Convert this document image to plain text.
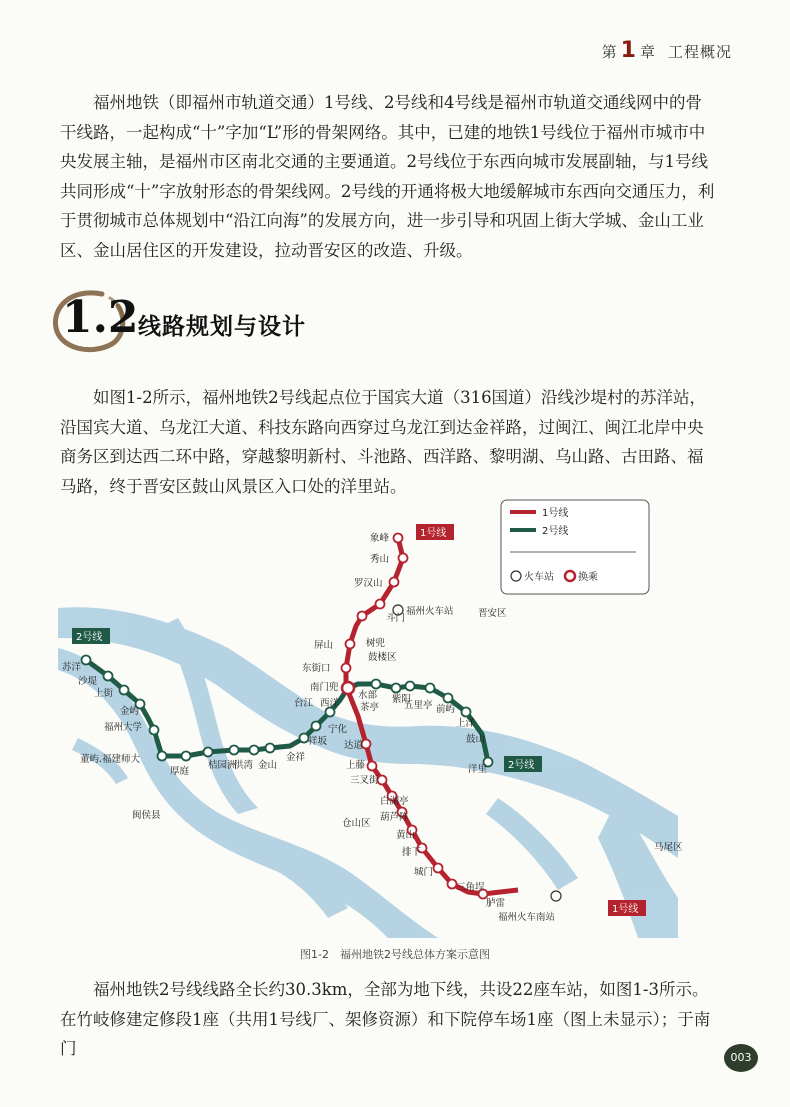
第 1 章 工程概况

福州地铁（即福州市轨道交通）1号线、2号线和4号线是福州市轨道交通线网中的骨干线路，一起构成“十”字加“L”形的骨架网络。其中，已建的地铁1号线位于福州市城市中央发展主轴，是福州市区南北交通的主要通道。2号线位于东西向城市发展副轴，与1号线共同形成“十”字放射形态的骨架线网。2号线的开通将极大地缓解城市东西向交通压力，利于贯彻城市总体规划中“沿江向海”的发展方向，进一步引导和巩固上街大学城、金山工业区、金山居住区的开发建设，拉动晋安区的改造、升级。

1.2 线路规划与设计

如图1-2所示，福州地铁2号线起点位于国宾大道（316国道）沿线沙堤村的苏洋站，沿国宾大道、乌龙江大道、科技东路向西穿过乌龙江到达金祥路，过闽江、闽江北岸中央商务区到达西二环中路，穿越黎明新村、斗池路、西洋路、黎明湖、乌山路、古田路、福马路，终于晋安区鼓山风景区入口处的洋里站。

1号线
1号线
2号线
2号线
1号线
2号线
火车站 换乘
象峰
秀山
罗汉山
斗门
树兜
屏山
东街口
南门兜
达道
上藤
三叉街
白湖亭
葫芦阵
黄山
排下
城门
三角埕
胪雷
苏洋
沙堤
上街
金屿
福州大学
董屿.福建师大
厚庭
桔园洲
洪湾 金山
金祥
祥坂
宁化
西洋
台江
水部
茶亭
紫阳
五里亭 前屿
上洋
鼓山
洋里
福州火车站
福州火车南站
晋安区
鼓楼区
闽侯县
仓山区
马尾区
图1-2　福州地铁2号线总体方案示意图

福州地铁2号线线路全长约30.3km，全部为地下线，共设22座车站，如图1-3所示。在竹岐修建定修段1座（共用1号线厂、架修资源）和下院停车场1座（图上未显示）；于南门	003
